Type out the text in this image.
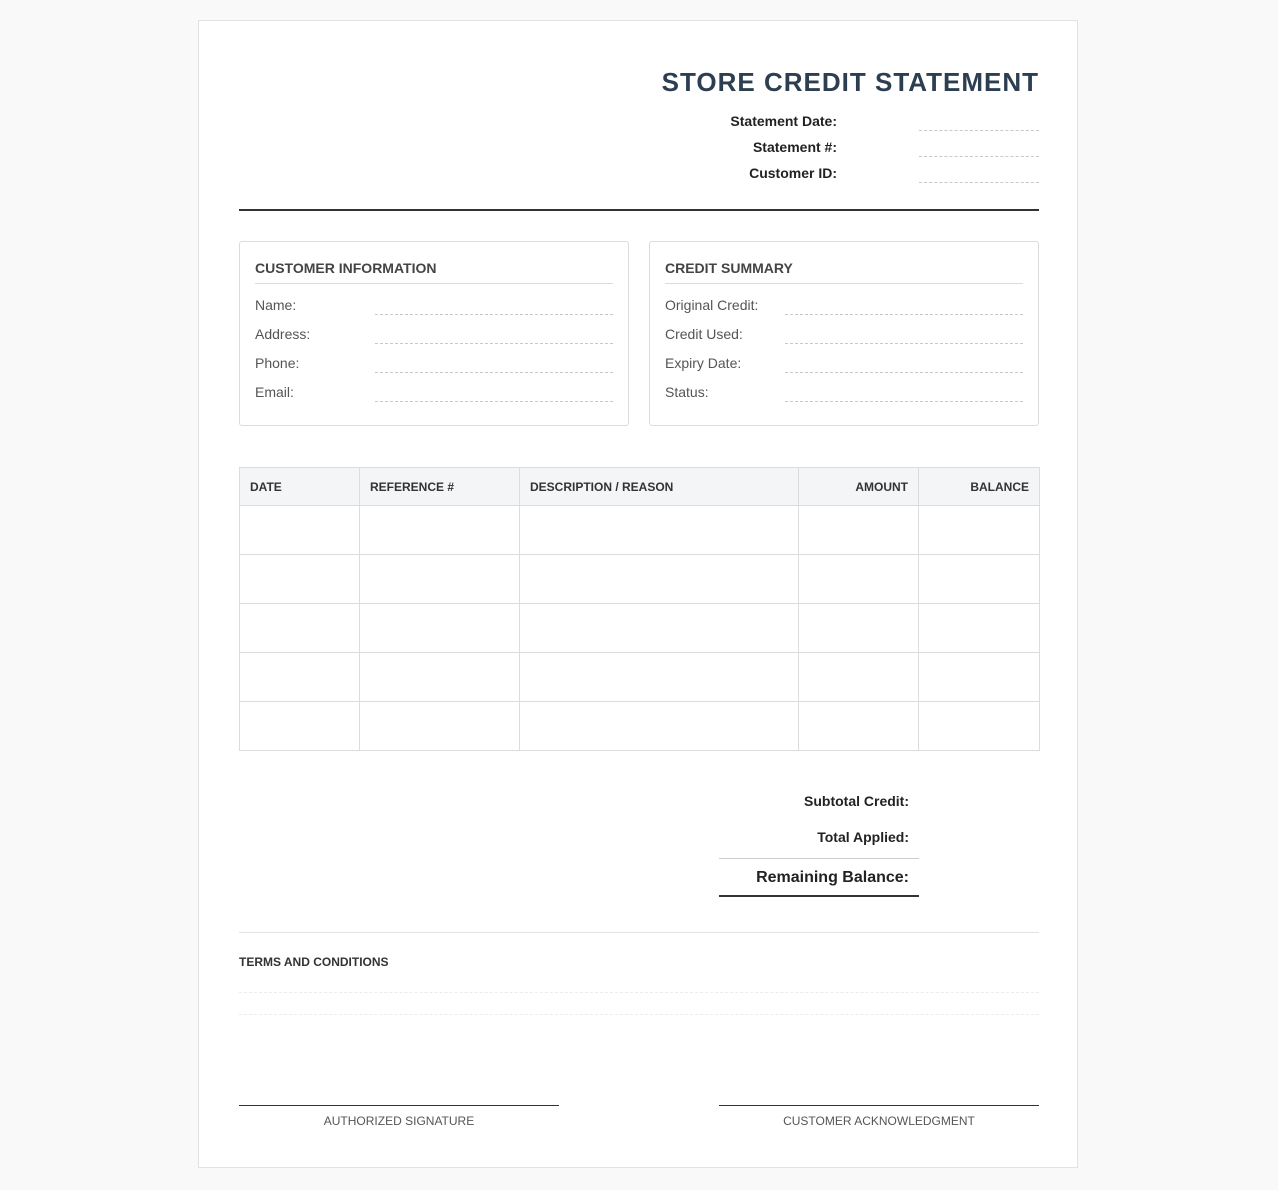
STORE CREDIT STATEMENT
Statement Date:
Statement #:
Customer ID:
CUSTOMER INFORMATION
Name:
Address:
Phone:
Email:
CREDIT SUMMARY
Original Credit:
Credit Used:
Expiry Date:
Status:
DATE	REFERENCE #	DESCRIPTION / REASON	AMOUNT	BALANCE

Subtotal Credit:
Total Applied:
Remaining Balance:
TERMS AND CONDITIONS
AUTHORIZED SIGNATURE	CUSTOMER ACKNOWLEDGMENT
